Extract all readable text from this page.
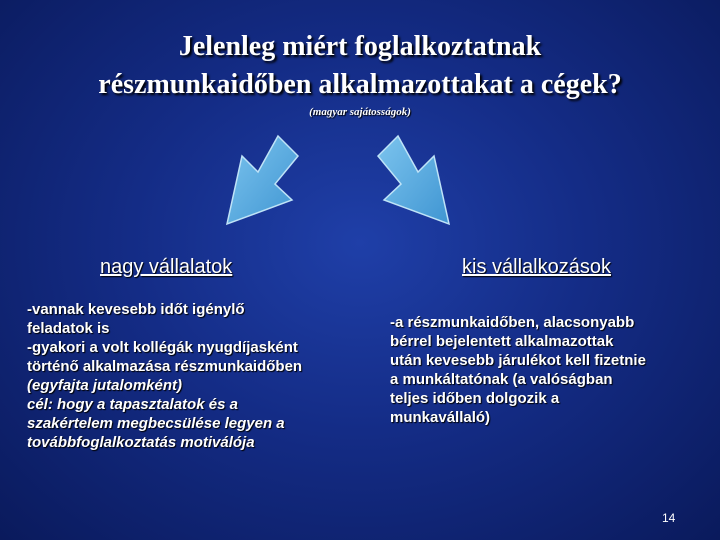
Jelenleg miért foglalkoztatnak
részmunkaidőben alkalmazottakat a cégek?
(magyar sajátosságok)
nagy vállalatok	kis vállalkozások
-vannak kevesebb időt igénylő
feladatok is
-gyakori a volt kollégák nyugdíjasként
történő alkalmazása részmunkaidőben
(egyfajta jutalomként)
cél: hogy a tapasztalatok és a
szakértelem megbecsülése legyen a
továbbfoglalkoztatás motiválója
-a részmunkaidőben, alacsonyabb
bérrel bejelentett alkalmazottak
után kevesebb járulékot kell fizetnie
a munkáltatónak (a valóságban
teljes időben dolgozik a
munkavállaló)
14
